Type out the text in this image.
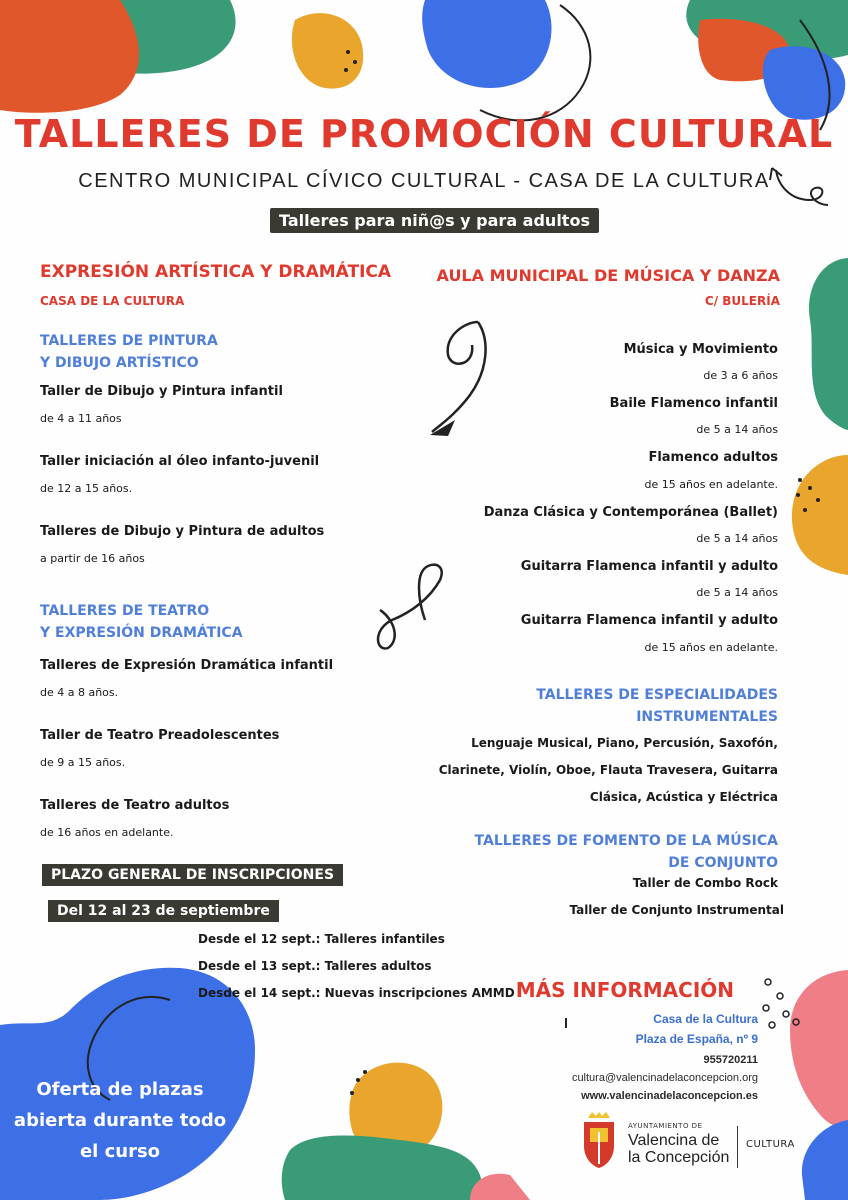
TALLERES DE PROMOCIÓN CULTURAL
CENTRO MUNICIPAL CÍVICO CULTURAL - CASA DE LA CULTURA
Talleres para niñ@s y para adultos
EXPRESIÓN ARTÍSTICA Y DRAMÁTICA
CASA DE LA CULTURA
TALLERES DE PINTURA
Y DIBUJO ARTÍSTICO
Taller de Dibujo y Pintura infantil
de 4 a 11 años
Taller iniciación al óleo infanto-juvenil
de 12 a 15 años.
Talleres de Dibujo y Pintura de adultos
a partir de 16 años
TALLERES DE TEATRO
Y EXPRESIÓN DRAMÁTICA
Talleres de Expresión Dramática infantil
de 4 a 8 años.
Taller de Teatro Preadolescentes
de 9 a 15 años.
Talleres de Teatro adultos
de 16 años en adelante.
AULA MUNICIPAL DE MÚSICA Y DANZA
C/ BULERÍA
Música y Movimiento
de 3 a 6 años
Baile Flamenco infantil
de 5 a 14 años
Flamenco adultos
de 15 años en adelante.
Danza Clásica y Contemporánea (Ballet)
de 5 a 14 años
Guitarra Flamenca infantil y adulto
de 5 a 14 años
Guitarra Flamenca infantil y adulto
de 15 años en adelante.
TALLERES DE ESPECIALIDADES
INSTRUMENTALES
Lenguaje Musical, Piano, Percusión, Saxofón,
Clarinete, Violín, Oboe, Flauta Travesera, Guitarra
Clásica, Acústica y Eléctrica
TALLERES DE FOMENTO DE LA MÚSICA
DE CONJUNTO
Taller de Combo Rock
Taller de Conjunto Instrumental
PLAZO GENERAL DE INSCRIPCIONES
Del 12 al 23 de septiembre
Desde el 12 sept.: Talleres infantiles
Desde el 13 sept.: Talleres adultos
Desde el 14 sept.: Nuevas inscripciones AMMD
Oferta de plazas
abierta durante todo
el curso
MÁS INFORMACIÓN
Casa de la Cultura
Plaza de España, nº 9
955720211
cultura@valencinadelaconcepcion.org
www.valencinadelaconcepcion.es
AYUNTAMIENTO DE
Valencina de
la Concepción
CULTURA
